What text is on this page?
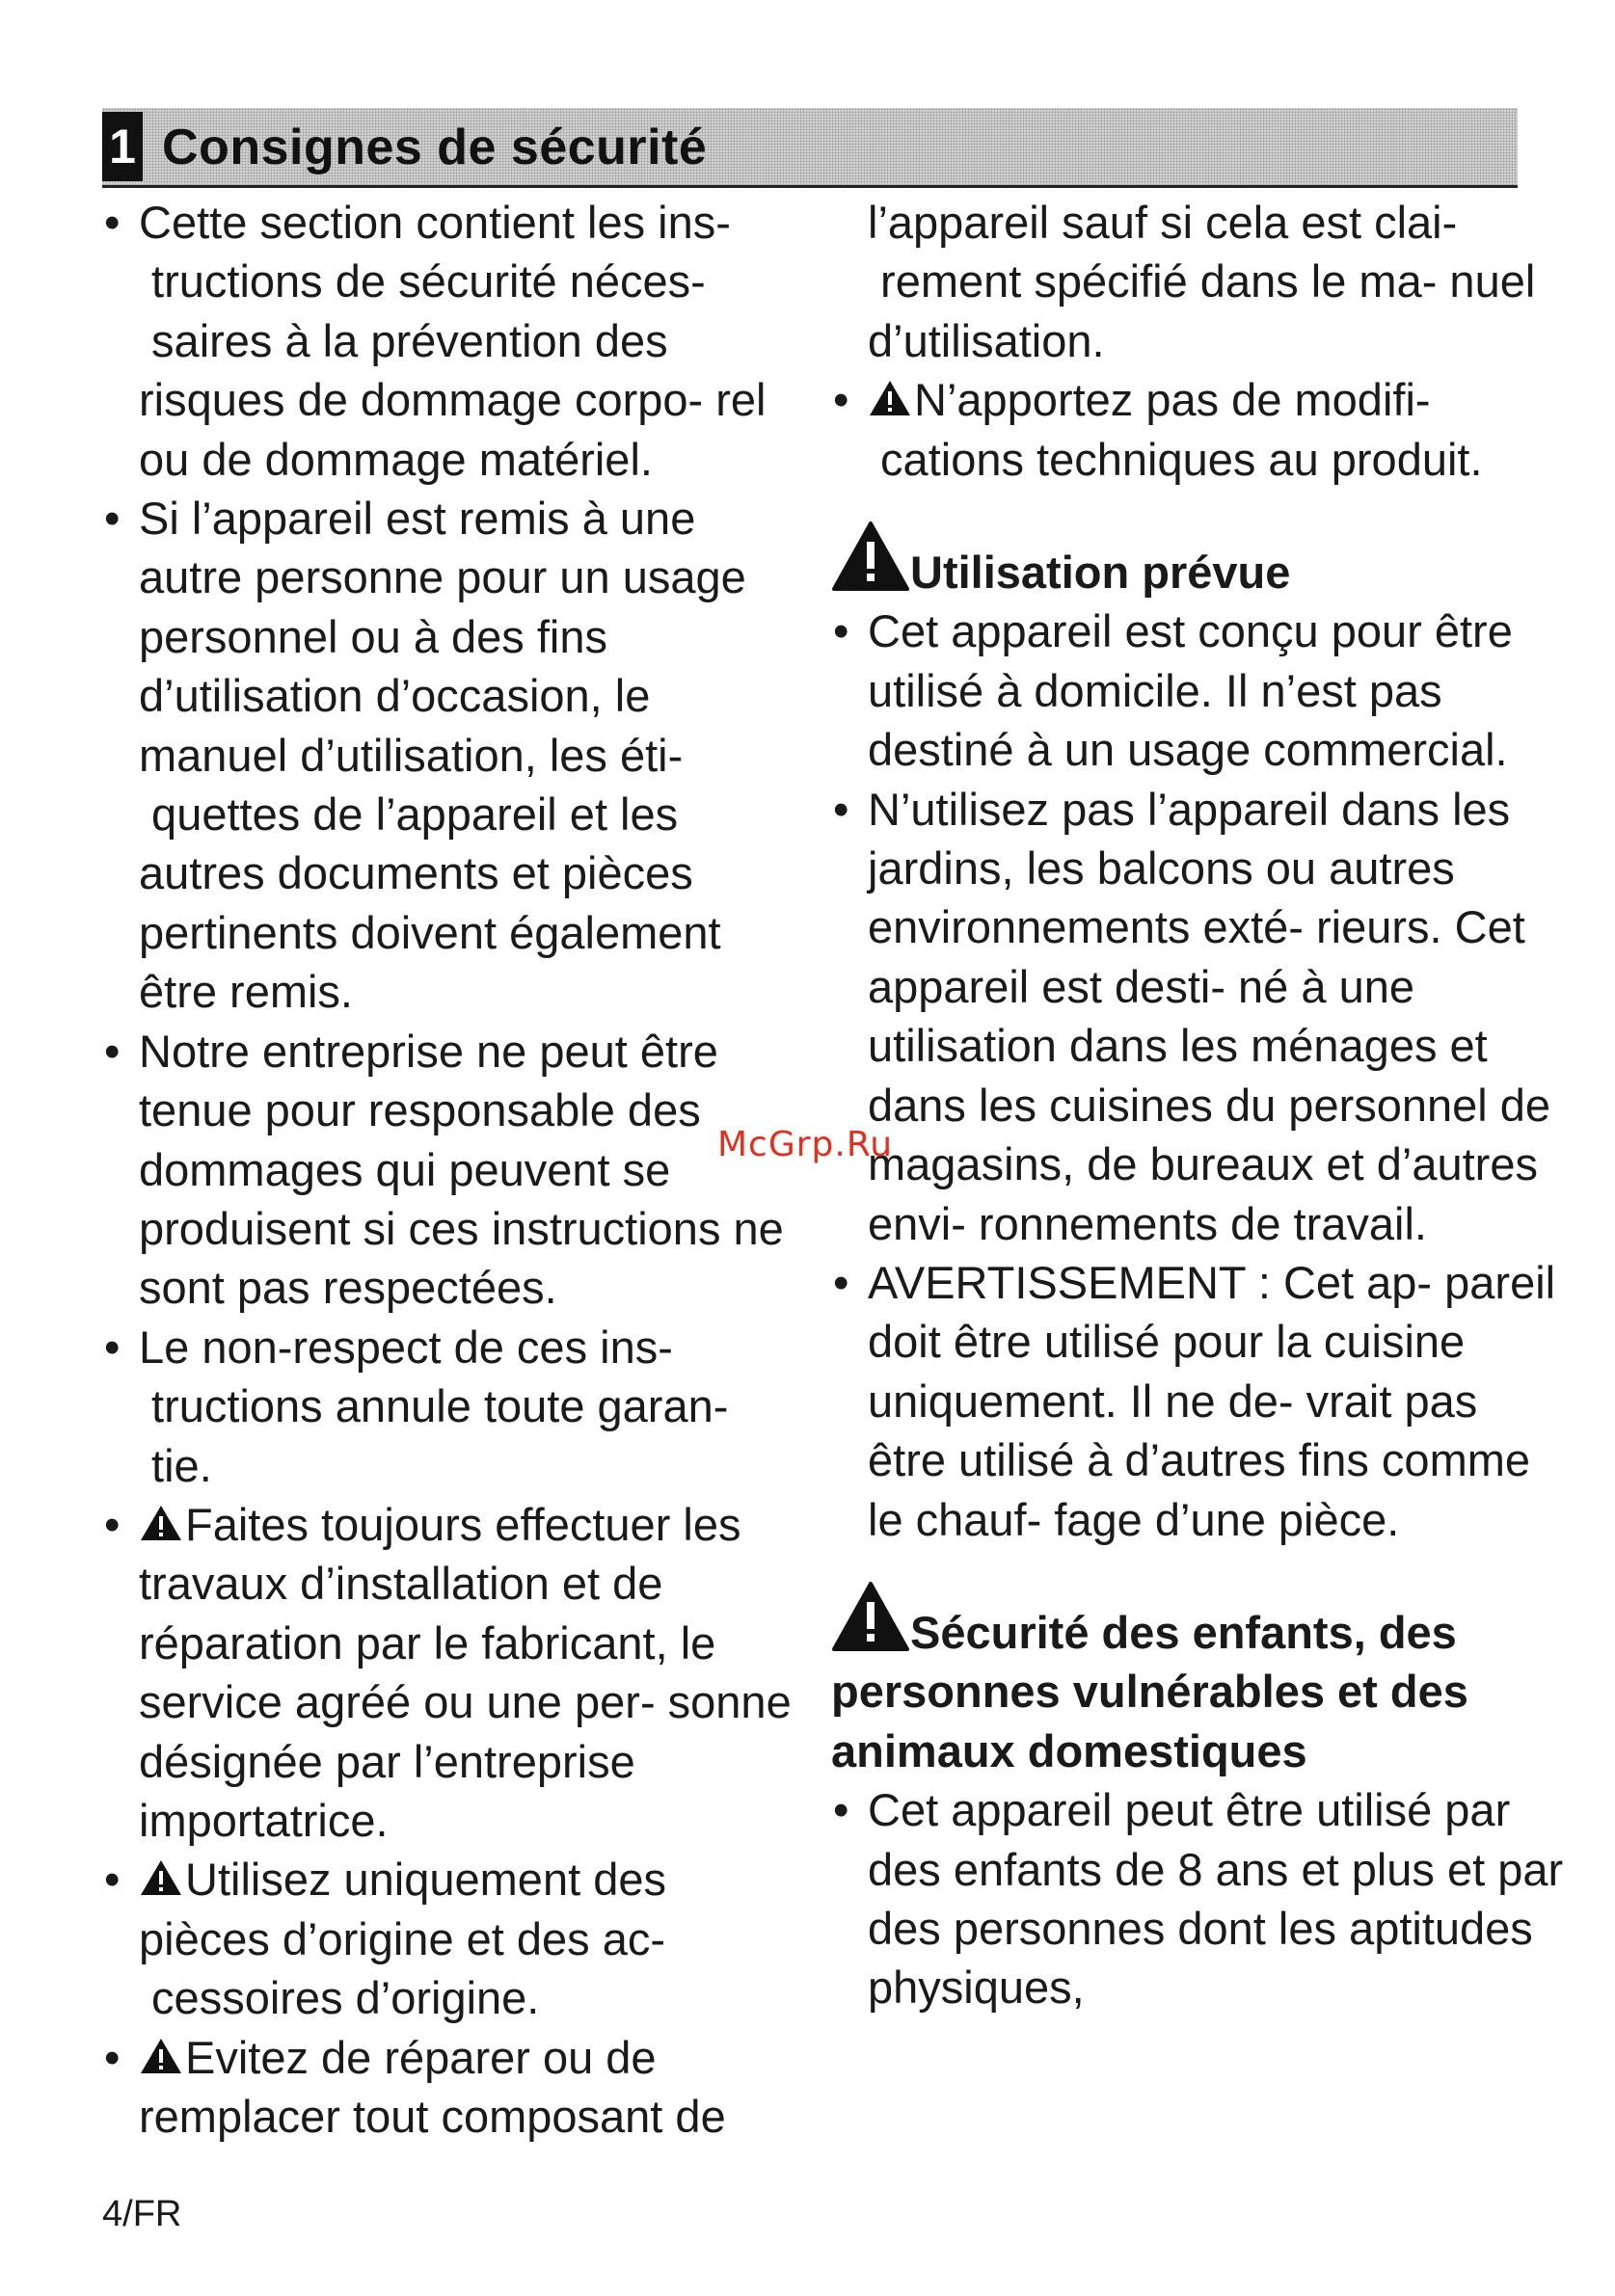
1 Consignes de sécurité
• Cette section contient les ins- tructions de sécurité néces- saires à la prévention des risques de dommage corpo- rel ou de dommage matériel.
• Si l’appareil est remis à une autre personne pour un usage personnel ou à des fins d’utilisation d’occasion, le manuel d’utilisation, les éti- quettes de l’appareil et les autres documents et pièces pertinents doivent également être remis.
• Notre entreprise ne peut être tenue pour responsable des dommages qui peuvent se produisent si ces instructions ne sont pas respectées.
• Le non-respect de ces ins- tructions annule toute garan- tie.
• Faites toujours effectuer les travaux d’installation et de réparation par le fabricant, le service agréé ou une per- sonne désignée par l’entreprise importatrice.
• Utilisez uniquement des pièces d’origine et des ac- cessoires d’origine.
• Evitez de réparer ou de remplacer tout composant de
l’appareil sauf si cela est clai- rement spécifié dans le ma- nuel d’utilisation.
• N’apportez pas de modifi- cations techniques au produit.
Utilisation prévue
• Cet appareil est conçu pour être utilisé à domicile. Il n’est pas destiné à un usage commercial.
• N’utilisez pas l’appareil dans les jardins, les balcons ou autres environnements exté- rieurs. Cet appareil est desti- né à une utilisation dans les ménages et dans les cuisines du personnel de magasins, de bureaux et d’autres envi- ronnements de travail.
• AVERTISSEMENT : Cet ap- pareil doit être utilisé pour la cuisine uniquement. Il ne de- vrait pas être utilisé à d’autres fins comme le chauf- fage d’une pièce.
Sécurité des enfants, des personnes vulnérables et des animaux domestiques
• Cet appareil peut être utilisé par des enfants de 8 ans et plus et par des personnes dont les aptitudes physiques,
McGrp.Ru
4/FR
